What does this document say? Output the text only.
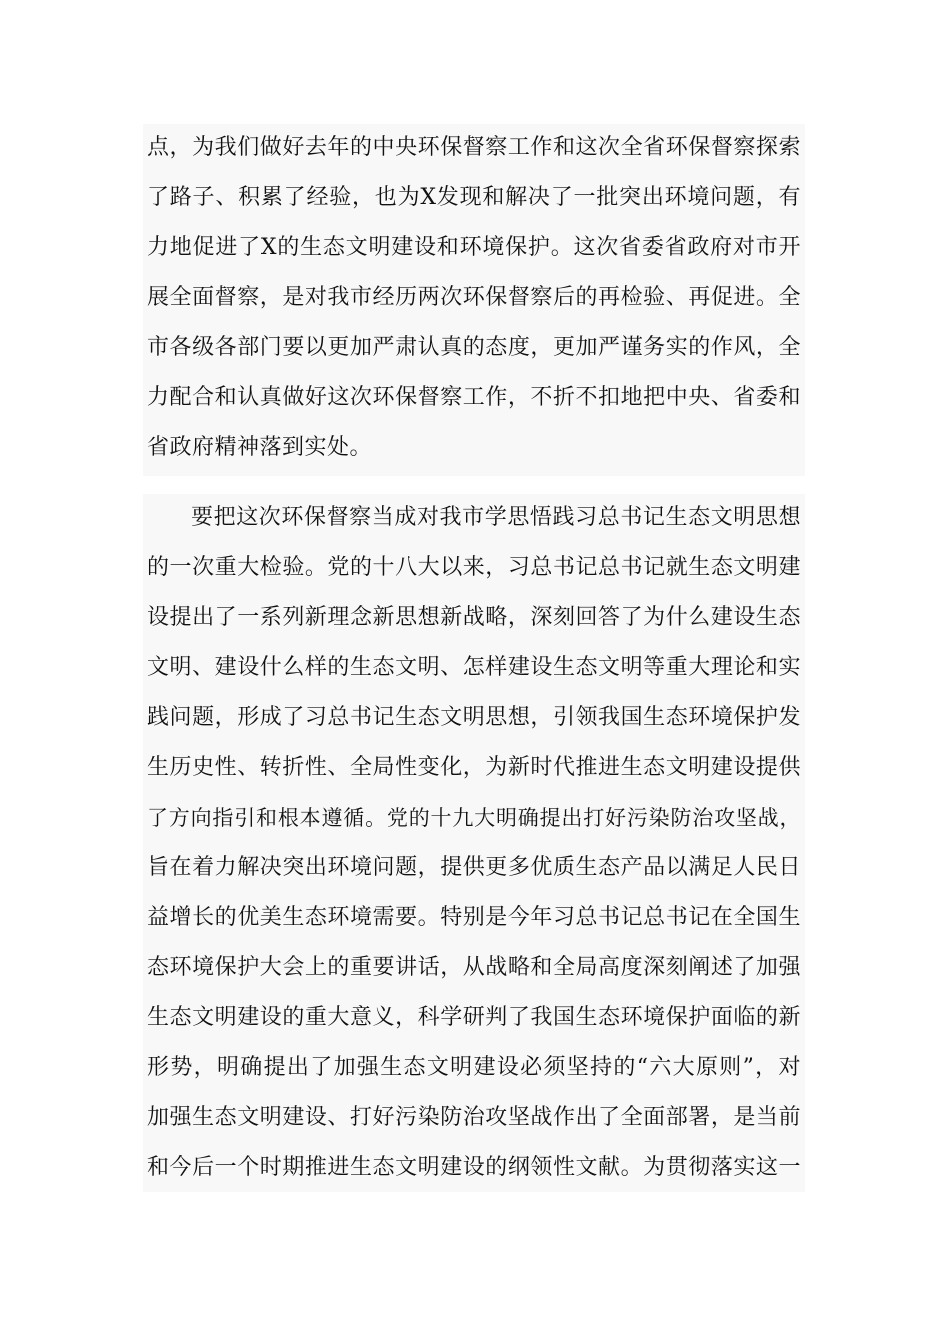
点，为我们做好去年的中央环保督察工作和这次全省环保督察探索
了路子、积累了经验，也为X发现和解决了一批突出环境问题，有
力地促进了X的生态文明建设和环境保护。这次省委省政府对市开
展全面督察，是对我市经历两次环保督察后的再检验、再促进。全
市各级各部门要以更加严肃认真的态度，更加严谨务实的作风，全
力配合和认真做好这次环保督察工作，不折不扣地把中央、省委和
省政府精神落到实处。
要把这次环保督察当成对我市学思悟践习总书记生态文明思想
的一次重大检验。党的十八大以来，习总书记总书记就生态文明建
设提出了一系列新理念新思想新战略，深刻回答了为什么建设生态
文明、建设什么样的生态文明、怎样建设生态文明等重大理论和实
践问题，形成了习总书记生态文明思想，引领我国生态环境保护发
生历史性、转折性、全局性变化，为新时代推进生态文明建设提供
了方向指引和根本遵循。党的十九大明确提出打好污染防治攻坚战，
旨在着力解决突出环境问题，提供更多优质生态产品以满足人民日
益增长的优美生态环境需要。特别是今年习总书记总书记在全国生
态环境保护大会上的重要讲话，从战略和全局高度深刻阐述了加强
生态文明建设的重大意义，科学研判了我国生态环境保护面临的新
形势，明确提出了加强生态文明建设必须坚持的“六大原则”，对
加强生态文明建设、打好污染防治攻坚战作出了全面部署，是当前
和今后一个时期推进生态文明建设的纲领性文献。为贯彻落实这一
